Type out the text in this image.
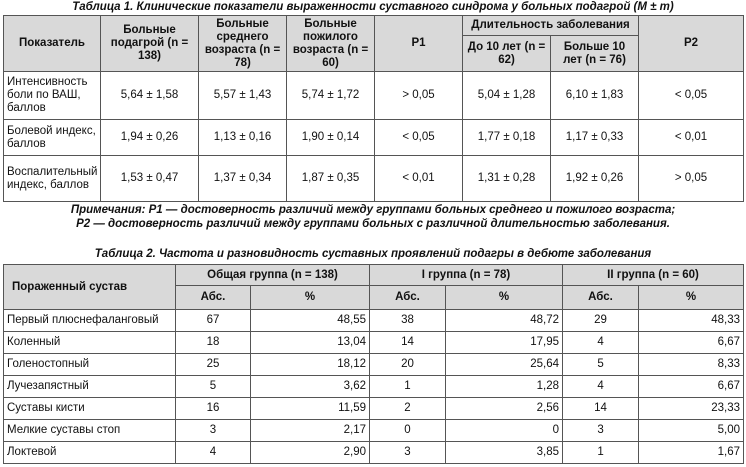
Таблица 1. Клинические показатели выраженности суставного синдрома у больных подагрой (M ± m)
Показатель	Больные подагрой (n = 138)	Больные среднего возраста (n = 78)	Больные пожилого возраста (n = 60)	P1	Длительность заболевания		P2
					До 10 лет (n = 62)	Больше 10 лет (n = 76)	
Интенсивность боли по ВАШ, баллов	5,64 ± 1,58	5,57 ± 1,43	5,74 ± 1,72	> 0,05	5,04 ± 1,28	6,10 ± 1,83	< 0,05
Болевой индекс, баллов	1,94 ± 0,26	1,13 ± 0,16	1,90 ± 0,14	< 0,05	1,77 ± 0,18	1,17 ± 0,33	< 0,01
Воспалительный индекс, баллов	1,53 ± 0,47	1,37 ± 0,34	1,87 ± 0,35	< 0,01	1,31 ± 0,28	1,92 ± 0,26	> 0,05
Примечания: P1 — достоверность различий между группами больных среднего и пожилого возраста;
P2 — достоверность различий между группами больных с различной длительностью заболевания.
Таблица 2. Частота и разновидность суставных проявлений подагры в дебюте заболевания
Пораженный сустав	Общая группа (n = 138)		I группа (n = 78)		II группа (n = 60)	
	Абс.	%	Абс.	%	Абс.	%
Первый плюснефаланговый	67	48,55	38	48,72	29	48,33
Коленный	18	13,04	14	17,95	4	6,67
Голеностопный	25	18,12	20	25,64	5	8,33
Лучезапястный	5	3,62	1	1,28	4	6,67
Суставы кисти	16	11,59	2	2,56	14	23,33
Мелкие суставы стоп	3	2,17	0	0	3	5,00
Локтевой	4	2,90	3	3,85	1	1,67
